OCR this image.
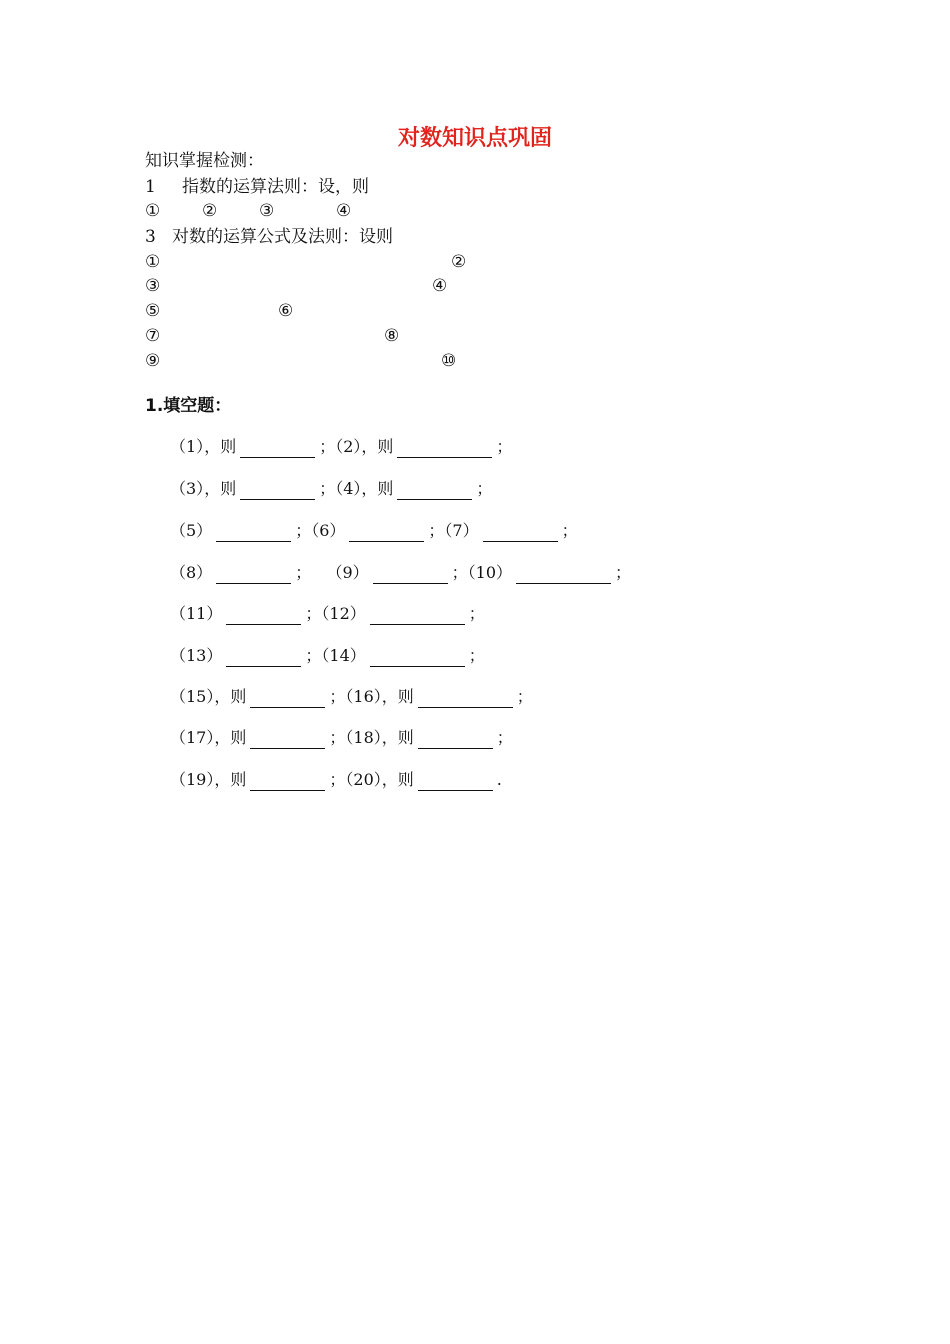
对数知识点巩固
知识掌握检测：
1 指数的运算法则：设，则
① ② ③	④
3 对数的运算公式及法则：设则
①	②
③	④
⑤	⑥
⑦	⑧
⑨	⑩
1.填空题：
（1），则	；（2），则	；
（3），则	；（4），则	；
（5）	；（6）	；（7）	；
（8）	； （9）	；（10）	；
（11）	；（12）	；
（13）	；（14）	；
（15），则	；（16），则	；
（17），则	；（18），则	；
（19），则	；（20），则	.
